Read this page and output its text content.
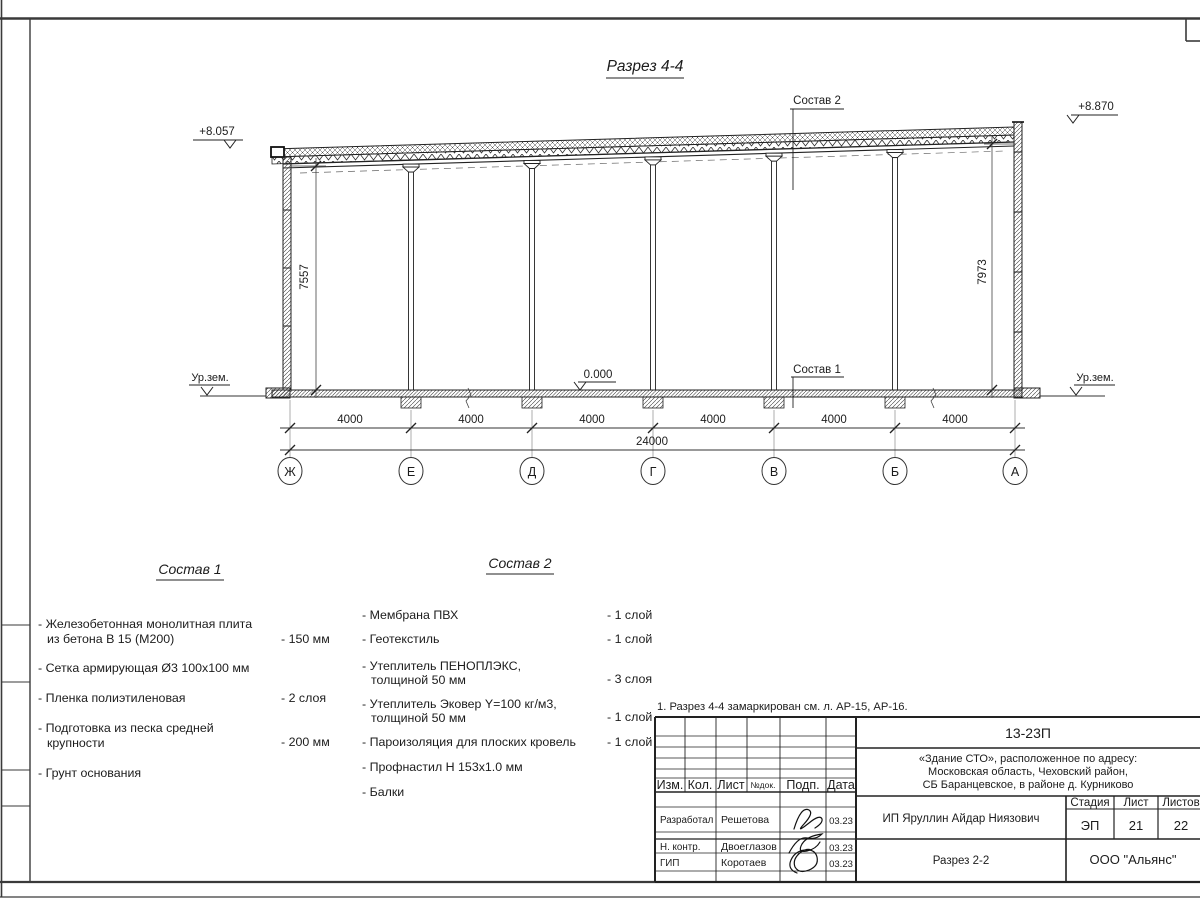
Разрез 4-4
+8.057
+8.870
0.000
Ур.зем.	Ур.зем.
Состав 2
Состав 1
7557	7973
4000	4000	4000	4000	4000	4000
24000
Ж	Е	Д	Г	В	Б	А
Состав 1
- Железобетонная монолитная плита
из бетона В 15 (М200)	- 150 мм
- Сетка армирующая Ø3 100х100 мм
- Пленка полиэтиленовая	- 2 слоя
- Подготовка из песка средней
крупности	- 200 мм
- Грунт основания
Состав 2
- Мембрана ПВХ	- 1 слой
- Геотекстиль	- 1 слой
- Утеплитель ПЕНОПЛЭКС,
толщиной 50 мм	- 3 слоя
- Утеплитель Эковер Y=100 кг/м3,
толщиной 50 мм	- 1 слой
- Пароизоляция для плоских кровель	- 1 слой
- Профнастил Н 153х1.0 мм
- Балки
1. Разрез 4-4 замаркирован см. л. АР-15, АР-16.
Изм. Кол. Лист №док. Подп. Дата
Разработал Решетова	03.23
Н. контр. Двоеглазов	03.23
ГИП	Коротаев	03.23
13-23П
«Здание СТО», расположенное по адресу:
Московская область, Чеховский район,
СБ Баранцевское, в районе д. Курниково
ИП Яруллин Айдар Ниязович
Стадия Лист Листов
ЭП 21 22
Разрез 2-2	ООО "Альянс"
